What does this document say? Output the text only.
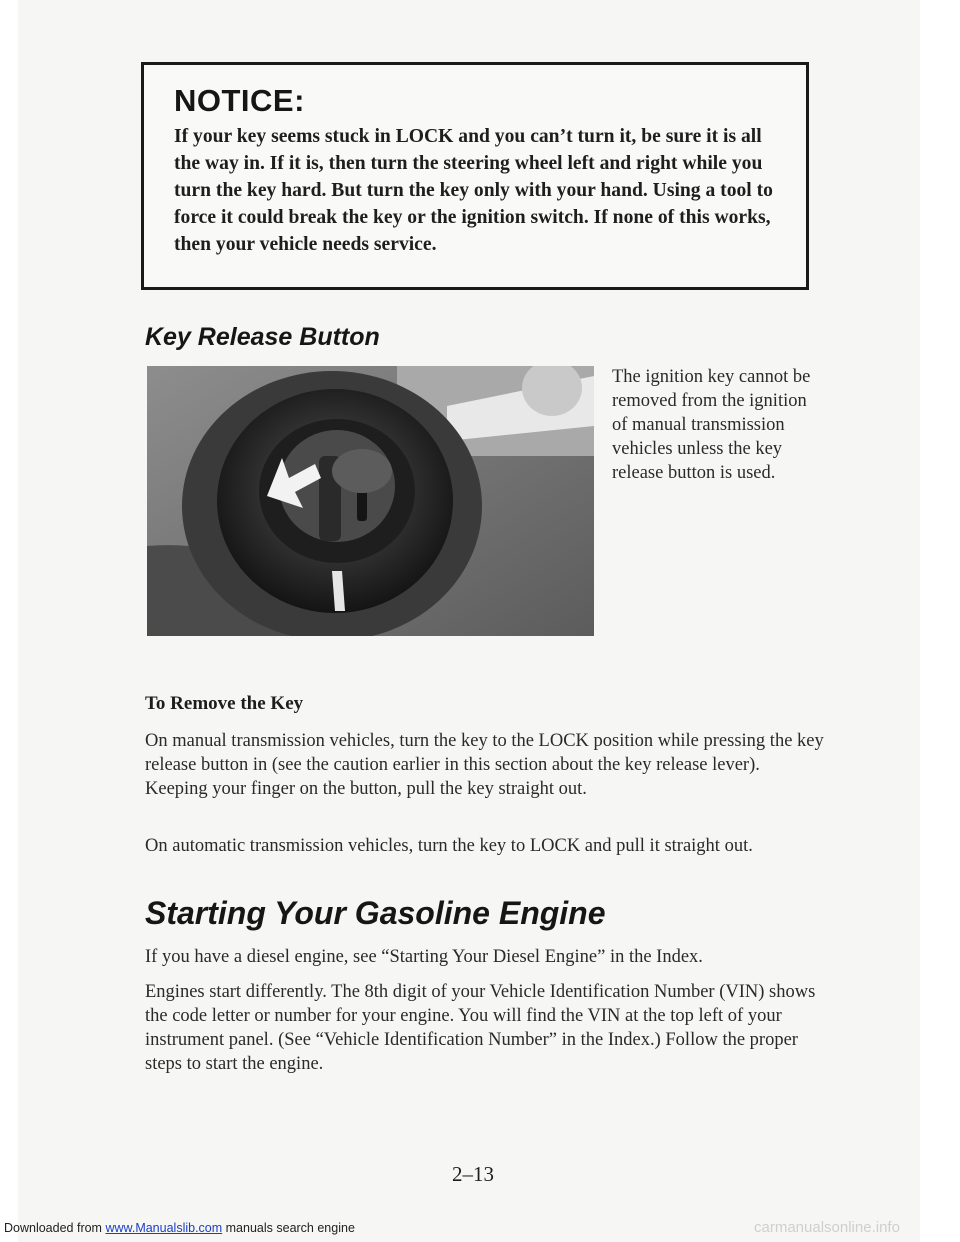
NOTICE:
If your key seems stuck in LOCK and you can’t turn it, be sure it is all the way in. If it is, then turn the steering wheel left and right while you turn the key hard. But turn the key only with your hand. Using a tool to force it could break the key or the ignition switch. If none of this works, then your vehicle needs service.
Key Release Button
The ignition key cannot be removed from the ignition of manual transmission vehicles unless the key release button is used.
To Remove the Key
On manual transmission vehicles, turn the key to the LOCK position while pressing the key release button in (see the caution earlier in this section about the key release lever). Keeping your finger on the button, pull the key straight out.
On automatic transmission vehicles, turn the key to LOCK and pull it straight out.
Starting Your Gasoline Engine
If you have a diesel engine, see “Starting Your Diesel Engine” in the Index.
Engines start differently. The 8th digit of your Vehicle Identification Number (VIN) shows the code letter or number for your engine. You will find the VIN at the top left of your instrument panel. (See “Vehicle Identification Number” in the Index.) Follow the proper steps to start the engine.
2–13
Downloaded from www.Manualslib.com manuals search engine	carmanualsonline.info
